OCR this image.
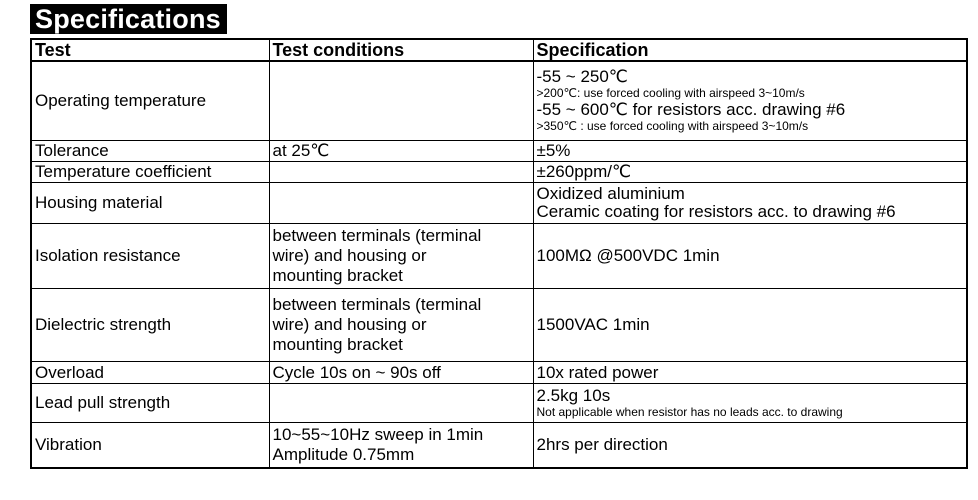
Specifications
Test	Test conditions	Specification
Operating temperature		-55 ~ 250℃
>200℃: use forced cooling with airspeed 3~10m/s
-55 ~ 600℃ for resistors acc. drawing #6
>350℃ : use forced cooling with airspeed 3~10m/s

Tolerance	at 25℃	±5%

Temperature coefficient		±260ppm/℃

Housing material		Oxidized aluminium
Ceramic coating for resistors acc. to drawing #6

Isolation resistance	between terminals (terminal
wire) and housing or
mounting bracket	100MΩ @500VDC 1min

Dielectric strength	between terminals (terminal
wire) and housing or
mounting bracket	1500VAC 1min

Overload	Cycle 10s on ~ 90s off	10x rated power

Lead pull strength		2.5kg 10s
Not applicable when resistor has no leads acc. to drawing

Vibration	10~55~10Hz sweep in 1min
Amplitude 0.75mm	2hrs per direction
